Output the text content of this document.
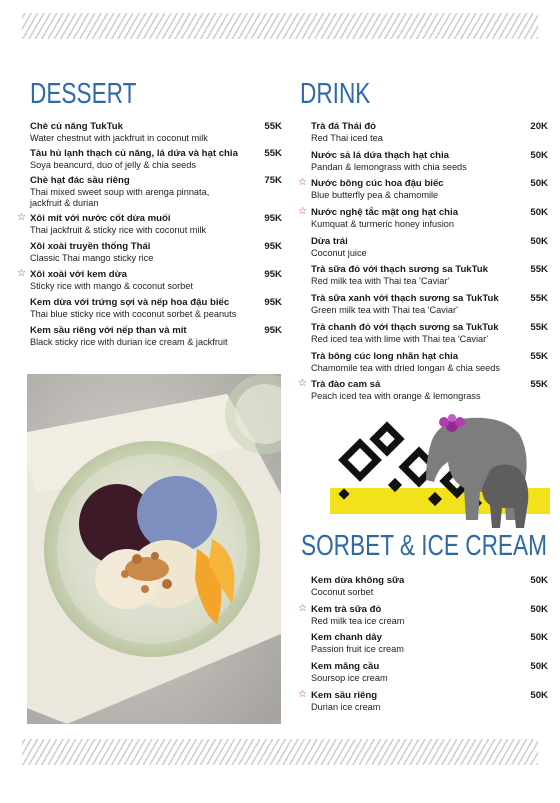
DESSERT
Chè củ năng TukTuk
Water chestnut with jackfruit in coconut milk
55K
Tàu hủ lạnh thạch củ năng, lá dứa và hạt chia
Soya beancurd, duo of jelly & chia seeds
55K
Chè hạt đác sầu riêng
Thai mixed sweet soup with arenga pinnata, jackfruit & durian
75K
☆ Xôi mít với nước cốt dừa muối
Thai jackfruit & sticky rice with coconut milk
95K
Xôi xoài truyền thống Thái
Classic Thai mango sticky rice
95K
☆ Xôi xoài với kem dừa
Sticky rice with mango & coconut sorbet
95K
Kem dừa với trứng sợi và nếp hoa đậu biếc
Thai blue sticky rice with coconut sorbet & peanuts
95K
Kem sầu riêng với nếp than và mít
Black sticky rice with durian ice cream & jackfruit
95K
DRINK
Trà đá Thái đỏ
Red Thai iced tea
20K
Nước sả lá dứa thạch hạt chia
Pandan & lemongrass with chia seeds
50K
☆ Nước bông cúc hoa đậu biếc
Blue butterfly pea & chamomile
50K
☆ Nước nghệ tắc mật ong hạt chia
Kumquat & turmeric honey infusion
50K
Dừa trái
Coconut juice
50K
Trà sữa đỏ với thạch sương sa TukTuk
Red milk tea with Thai tea 'Caviar'
55K
Trà sữa xanh với thạch sương sa TukTuk
Green milk tea with Thai tea 'Caviar'
55K
Trà chanh đỏ với thạch sương sa TukTuk
Red iced tea with lime with Thai tea 'Caviar'
55K
Trà bông cúc long nhãn hạt chia
Chamomile tea with dried longan & chia seeds
55K
☆ Trà đào cam sả
Peach iced tea with orange & lemongrass
55K
SORBET & ICE CREAM
Kem dừa không sữa
Coconut sorbet
50K
☆ Kem trà sữa đỏ
Red milk tea ice cream
50K
Kem chanh dây
Passion fruit ice cream
50K
Kem mãng cầu
Soursop ice cream
50K
☆ Kem sầu riêng
Durian ice cream
50K
